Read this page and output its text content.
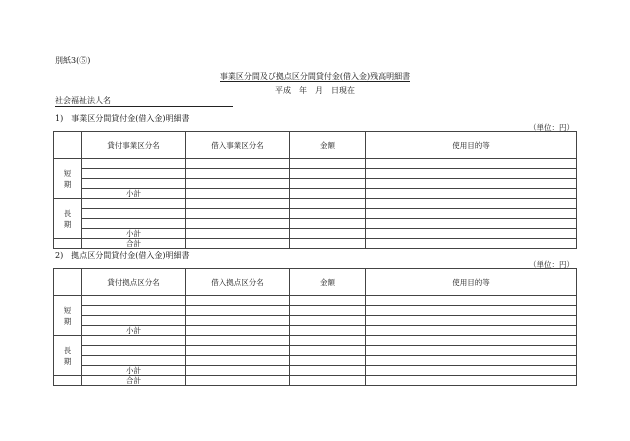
別紙3(⑤)
事業区分間及び拠点区分間貸付金(借入金)残高明細書
平成　年　月　日現在
社会福祉法人名
1)　事業区分間貸付金(借入金)明細書
（単位：円）
	貸付事業区分名	借入事業区分名	金額	使用目的等

短
期				

	小計			

長
期				

	小計			
	合計			
2)　拠点区分間貸付金(借入金)明細書
（単位：円）
	貸付拠点区分名	借入拠点区分名	金額	使用目的等

短
期				

	小計			

長
期				

	小計			
	合計			
